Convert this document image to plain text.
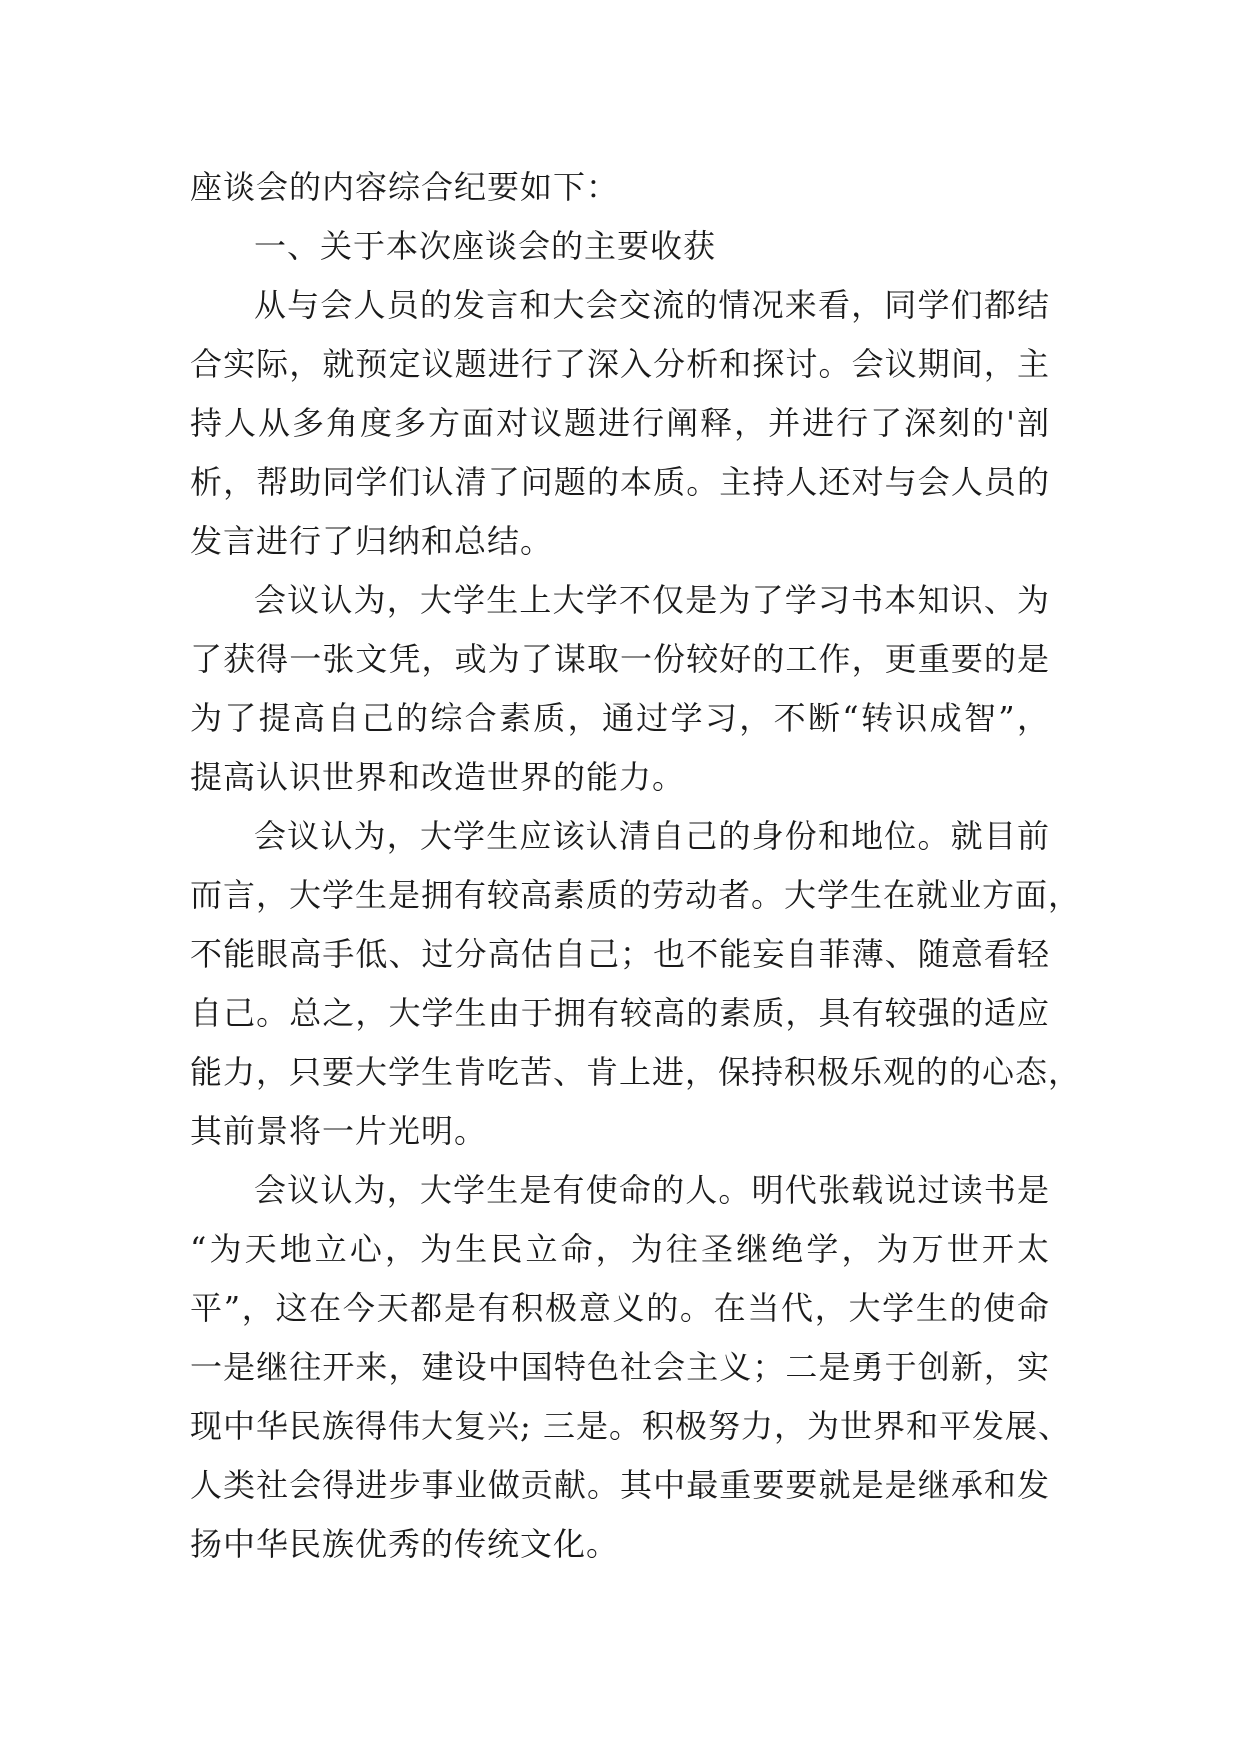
座谈会的内容综合纪要如下：
一、关于本次座谈会的主要收获
从与会人员的发言和大会交流的情况来看，同学们都结
合实际，就预定议题进行了深入分析和探讨。会议期间，主
持人从多角度多方面对议题进行阐释，并进行了深刻的'剖
析，帮助同学们认清了问题的本质。主持人还对与会人员的
发言进行了归纳和总结。
会议认为，大学生上大学不仅是为了学习书本知识、为
了获得一张文凭，或为了谋取一份较好的工作，更重要的是
为了提高自己的综合素质，通过学习，不断“转识成智”，
提高认识世界和改造世界的能力。
会议认为，大学生应该认清自己的身份和地位。就目前
而言，大学生是拥有较高素质的劳动者。大学生在就业方面，
不能眼高手低、过分高估自己；也不能妄自菲薄、随意看轻
自己。总之，大学生由于拥有较高的素质，具有较强的适应
能力，只要大学生肯吃苦、肯上进，保持积极乐观的的心态，
其前景将一片光明。
会议认为，大学生是有使命的人。明代张载说过读书是
“为天地立心，为生民立命，为往圣继绝学，为万世开太
平”，这在今天都是有积极意义的。在当代，大学生的使命
一是继往开来，建设中国特色社会主义；二是勇于创新，实
现中华民族得伟大复兴; 三是。积极努力，为世界和平发展、
人类社会得进步事业做贡献。其中最重要要就是是继承和发
扬中华民族优秀的传统文化。
